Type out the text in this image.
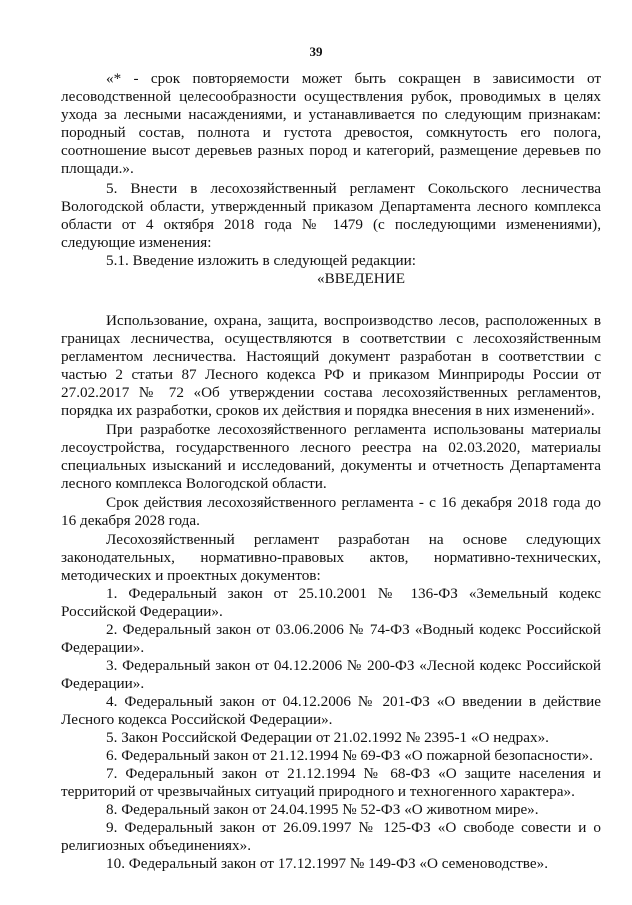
39

«* - срок повторяемости может быть сокращен в зависимости от лесоводственной целесообразности осуществления рубок, проводимых в целях ухода за лесными насаждениями, и устанавливается по следующим признакам: породный состав, полнота и густота древостоя, сомкнутость его полога, соотношение высот деревьев разных пород и категорий, размещение деревьев по площади.».

5. Внести в лесохозяйственный регламент Сокольского лесничества Вологодской области, утвержденный приказом Департамента лесного комплекса области от 4 октября 2018 года № 1479 (с последующими изменениями), следующие изменения:

5.1. Введение изложить в следующей редакции:

«ВВЕДЕНИЕ

Использование, охрана, защита, воспроизводство лесов, расположенных в границах лесничества, осуществляются в соответствии с лесохозяйственным регламентом лесничества. Настоящий документ разработан в соответствии с частью 2 статьи 87 Лесного кодекса РФ и приказом Минприроды России от 27.02.2017 № 72 «Об утверждении состава лесохозяйственных регламентов, порядка их разработки, сроков их действия и порядка внесения в них изменений».

При разработке лесохозяйственного регламента использованы материалы лесоустройства, государственного лесного реестра на 02.03.2020, материалы специальных изысканий и исследований, документы и отчетность Департамента лесного комплекса Вологодской области.

Срок действия лесохозяйственного регламента - с 16 декабря 2018 года до 16 декабря 2028 года.

Лесохозяйственный регламент разработан на основе следующих законодательных, нормативно-правовых актов, нормативно-технических, методических и проектных документов:

1. Федеральный закон от 25.10.2001 № 136-ФЗ «Земельный кодекс Российской Федерации».

2. Федеральный закон от 03.06.2006 № 74-ФЗ «Водный кодекс Российской Федерации».

3. Федеральный закон от 04.12.2006 № 200-ФЗ «Лесной кодекс Российской Федерации».

4. Федеральный закон от 04.12.2006 № 201-ФЗ «О введении в действие Лесного кодекса Российской Федерации».

5. Закон Российской Федерации от 21.02.1992 № 2395-1 «О недрах».

6. Федеральный закон от 21.12.1994 № 69-ФЗ «О пожарной безопасности».

7. Федеральный закон от 21.12.1994 № 68-ФЗ «О защите населения и территорий от чрезвычайных ситуаций природного и техногенного характера».

8. Федеральный закон от 24.04.1995 № 52-ФЗ «О животном мире».

9. Федеральный закон от 26.09.1997 № 125-ФЗ «О свободе совести и о религиозных объединениях».

10. Федеральный закон от 17.12.1997 № 149-ФЗ «О семеноводстве».
